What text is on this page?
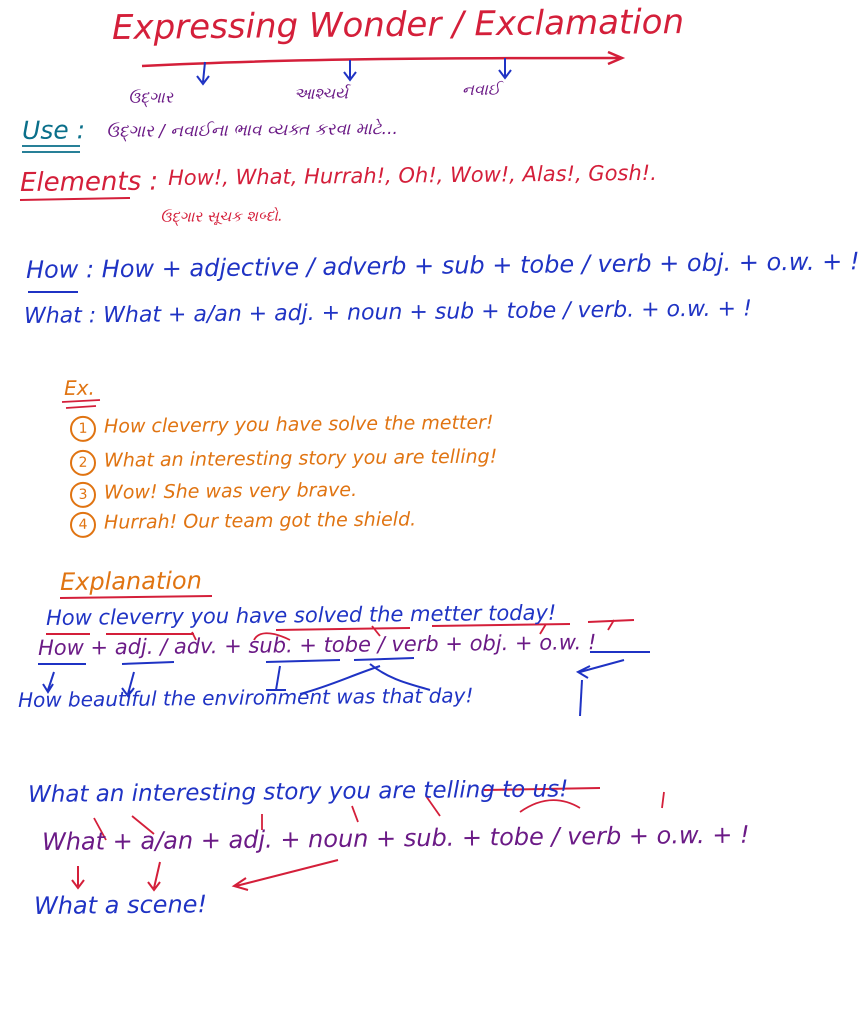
Expressing Wonder / Exclamation
ઉદ્ગાર	આશ્ચર્ય	નવાઈ
Use : ઉદ્ગાર / નવાઈના ભાવ વ્યક્ત કરવા માટે...
Elements : How!, What, Hurrah!, Oh!, Wow!, Alas!, Gosh!.
ઉદ્ગાર સૂચક શબ્દો.
How : How + adjective / adverb + sub + tobe / verb + obj. + o.w. + !
What : What + a/an + adj. + noun + sub + tobe / verb. + o.w. + !
Ex.
1 How cleverry you have solve the metter!
2 What an interesting story you are telling!
3 Wow! She was very brave.
4 Hurrah! Our team got the shield.
Explanation
How cleverry you have solved the metter today!
How + adj. / adv. + sub. + tobe / verb + obj. + o.w. !
How beautiful the environment was that day!
What an interesting story you are telling to us!
What + a/an + adj. + noun + sub. + tobe / verb + o.w. + !
What a scene!
